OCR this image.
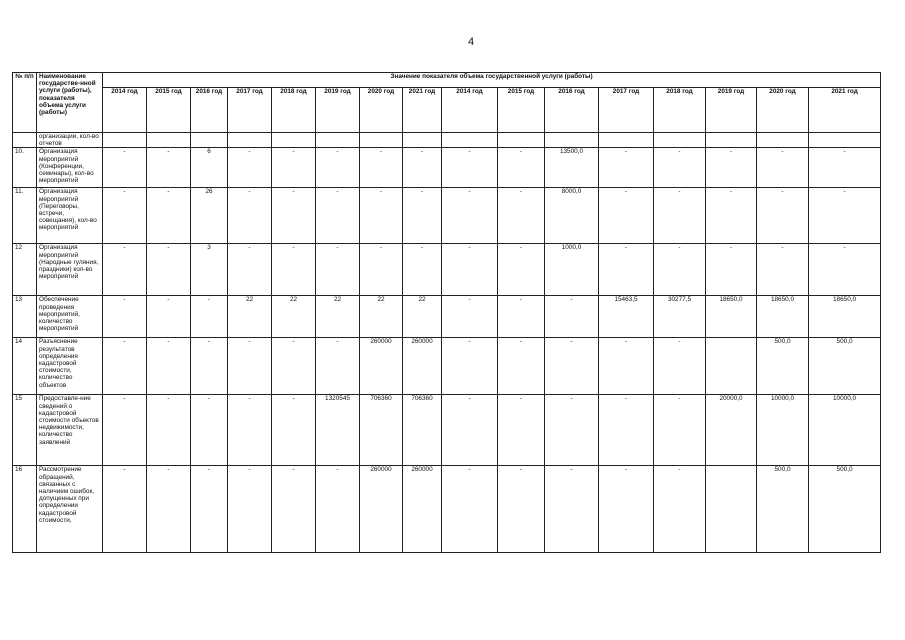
4
№ п/п	Наименование государстве-нной услуги (работы), показателя объема услуги (работы)	Значение показателя объема государственной услуги (работы)															
		2014 год	2015 год	2016 год	2017 год	2018 год	2019 год	2020 год	2021 год	2014 год	2015 год	2016 год	2017 год	2018 год	2019 год	2020 год	2021 год
	организации, кол-во отчетов																
10.	Организация мероприятий (Конференции, семинары), кол-во мероприятий	-	-	6	-	-	-	-	-	-	-	13500,0	-	-	-	-	-
11.	Организация мероприятий (Переговоры, встречи, совещания), кол-во мероприятий	-	-	26	-	-	-	-	-	-	-	8000,0	-	-	-	-	-
12	Организация мероприятий (Народные гуляния, праздники) кол-во мероприятий	-	-	3	-	-	-	-	-	-	-	1000,0	-	-	-	-	-
13	Обеспечение проведения мероприятий, количество мероприятий	-	-	-	22	22	22	22	22	-	-	-	15463,5	30277,5	18650,0	18650,0	18650,0
14	Разъяснение результатов определения кадастровой стоимости, количество объектов	-	-	-	-	-	-	260000	260000	-	-	-	-	-		500,0	500,0
15	Предоставле-ние сведений о кадастровой стоимости объектов недвижимости, количество заявлений	-	-	-	-	-	1320545	706360	706360	-	-	-	-	-	20000,0	10000,0	10000,0
16	Рассмотрение обращений, связанных с наличием ошибок, допущенных при определении кадастровой стоимости,	-	-	-	-	-	-	260000	260000	-	-	-	-	-		500,0	500,0
